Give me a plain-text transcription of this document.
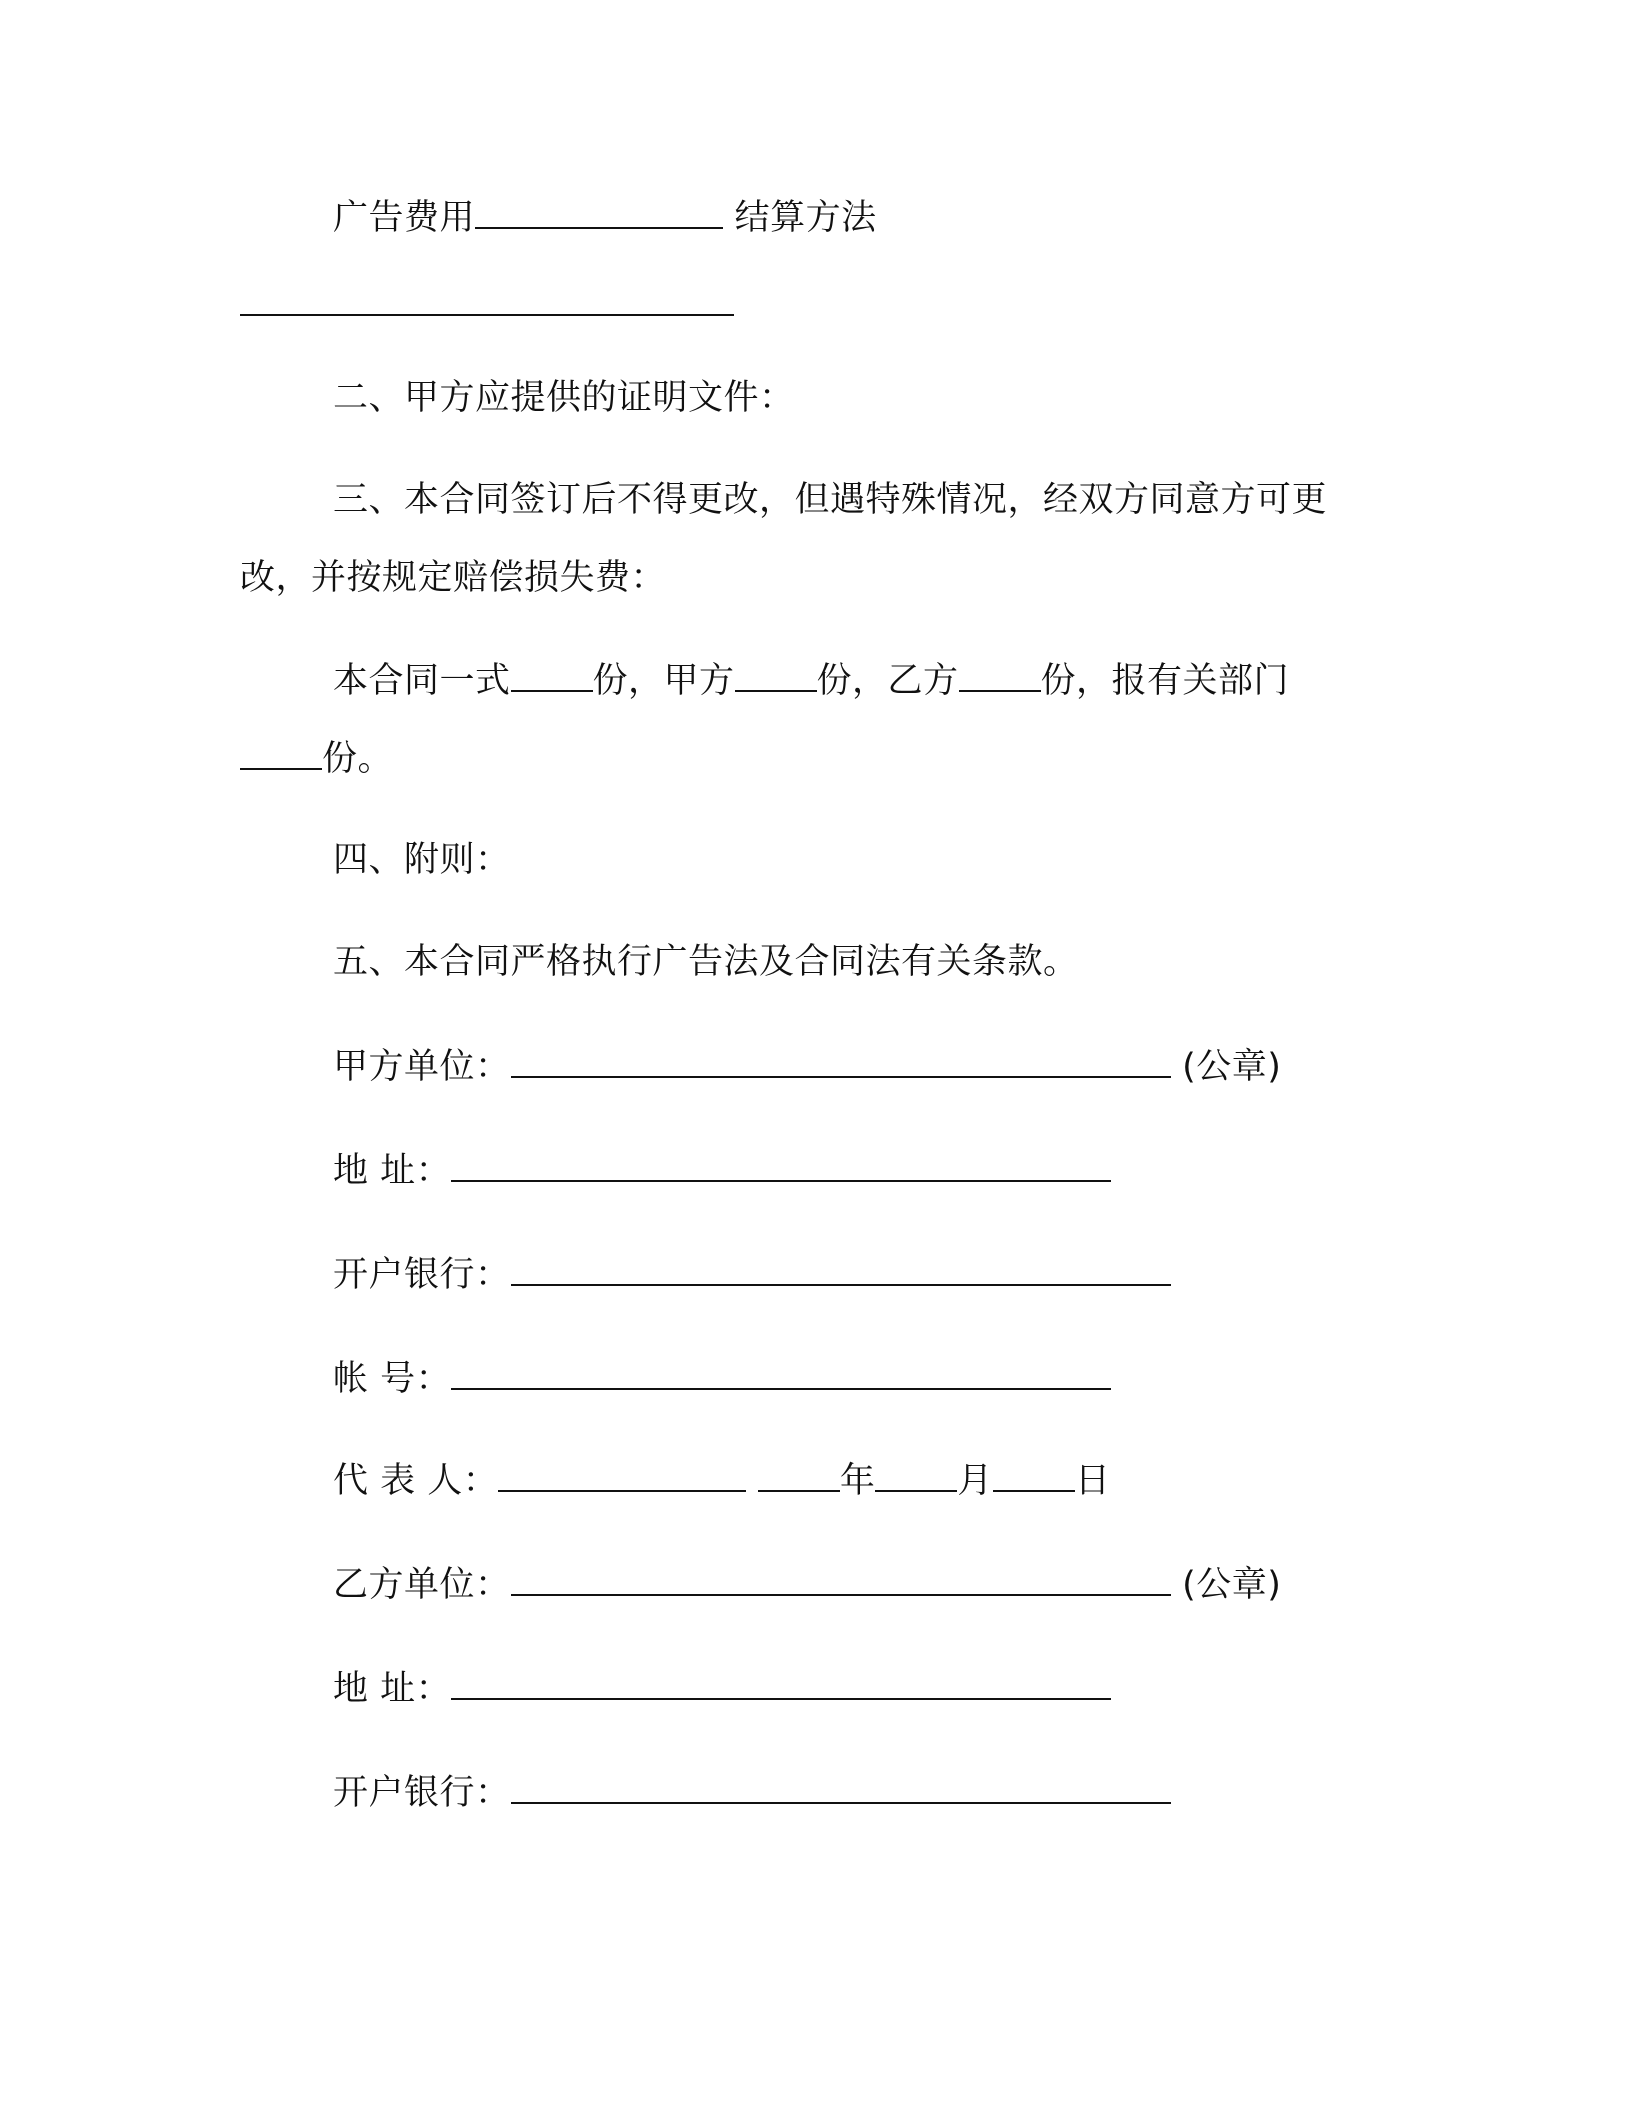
广告费用	结算方法
二、甲方应提供的证明文件：
三、本合同签订后不得更改，但遇特殊情况，经双方同意方可更
改，并按规定赔偿损失费：
本合同一式 份，甲方 份，乙方 份，报有关部门
份。
四、附则：
五、本合同严格执行广告法及合同法有关条款。
甲方单位：	(公章)
地 址：
开户银行：
帐 号：
代 表 人：	年 月 日
乙方单位：	(公章)
地 址：
开户银行：
